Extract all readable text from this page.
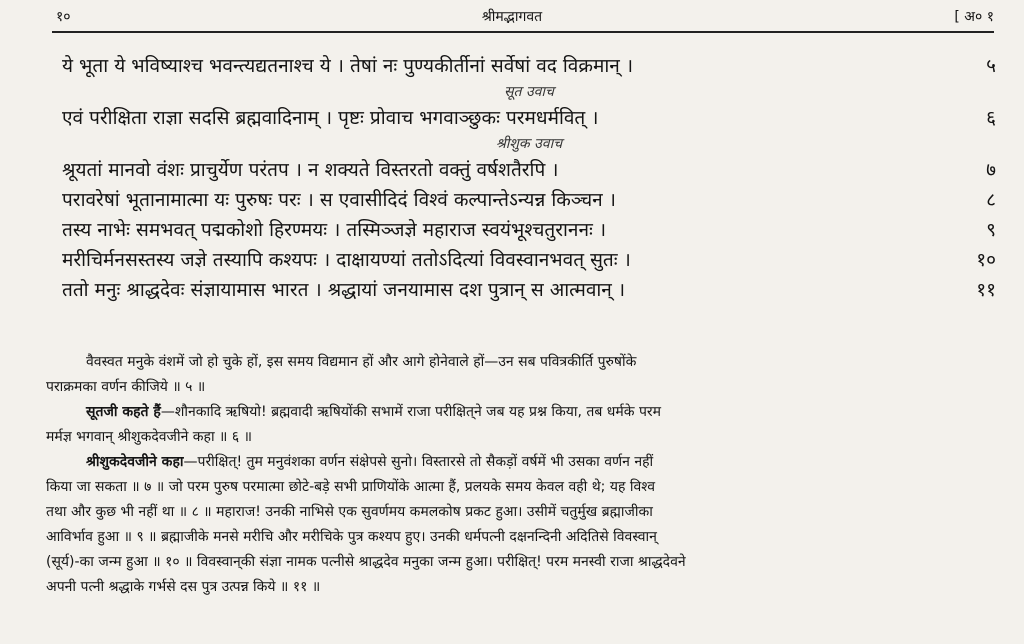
१०	श्रीमद्भागवत	[ अ० १
ये भूता ये भविष्याश्च भवन्त्यद्यतनाश्च ये । तेषां नः पुण्यकीर्तीनां सर्वेषां वद विक्रमान् ।	५
सूत उवाच
एवं परीक्षिता राज्ञा सदसि ब्रह्मवादिनाम् । पृष्टः प्रोवाच भगवाञ्छुकः परमधर्मवित् ।	६
श्रीशुक उवाच
श्रूयतां मानवो वंशः प्राचुर्येण परंतप । न शक्यते विस्तरतो वक्तुं वर्षशतैरपि ।	७
परावरेषां भूतानामात्मा यः पुरुषः परः । स एवासीदिदं विश्वं कल्पान्तेऽन्यन्न किञ्चन ।	८
तस्य नाभेः समभवत् पद्मकोशो हिरण्मयः । तस्मिञ्जज्ञे महाराज स्वयंभूश्चतुराननः ।	९
मरीचिर्मनसस्तस्य जज्ञे तस्यापि कश्यपः । दाक्षायण्यां ततोऽदित्यां विवस्वानभवत् सुतः ।	१०
ततो मनुः श्राद्धदेवः संज्ञायामास भारत । श्रद्धायां जनयामास दश पुत्रान् स आत्मवान् ।	११
वैवस्वत मनुके वंशमें जो हो चुके हों, इस समय विद्यमान हों और आगे होनेवाले हों—उन सब पवित्रकीर्ति पुरुषोंके
पराक्रमका वर्णन कीजिये ॥ ५ ॥
सूतजी कहते हैं—शौनकादि ऋषियो! ब्रह्मवादी ऋषियोंकी सभामें राजा परीक्षित्‌ने जब यह प्रश्न किया, तब धर्मके परम
मर्मज्ञ भगवान् श्रीशुकदेवजीने कहा ॥ ६ ॥
श्रीशुकदेवजीने कहा—परीक्षित्! तुम मनुवंशका वर्णन संक्षेपसे सुनो। विस्तारसे तो सैकड़ों वर्षमें भी उसका वर्णन नहीं
किया जा सकता ॥ ७ ॥ जो परम पुरुष परमात्मा छोटे-बड़े सभी प्राणियोंके आत्मा हैं, प्रलयके समय केवल वही थे; यह विश्व
तथा और कुछ भी नहीं था ॥ ८ ॥ महाराज! उनकी नाभिसे एक सुवर्णमय कमलकोष प्रकट हुआ। उसीमें चतुर्मुख ब्रह्माजीका
आविर्भाव हुआ ॥ ९ ॥ ब्रह्माजीके मनसे मरीचि और मरीचिके पुत्र कश्यप हुए। उनकी धर्मपत्नी दक्षनन्दिनी अदितिसे विवस्वान्
(सूर्य)-का जन्म हुआ ॥ १० ॥ विवस्वान्‌की संज्ञा नामक पत्नीसे श्राद्धदेव मनुका जन्म हुआ। परीक्षित्! परम मनस्वी राजा श्राद्धदेवने
अपनी पत्नी श्रद्धाके गर्भसे दस पुत्र उत्पन्न किये ॥ ११ ॥
